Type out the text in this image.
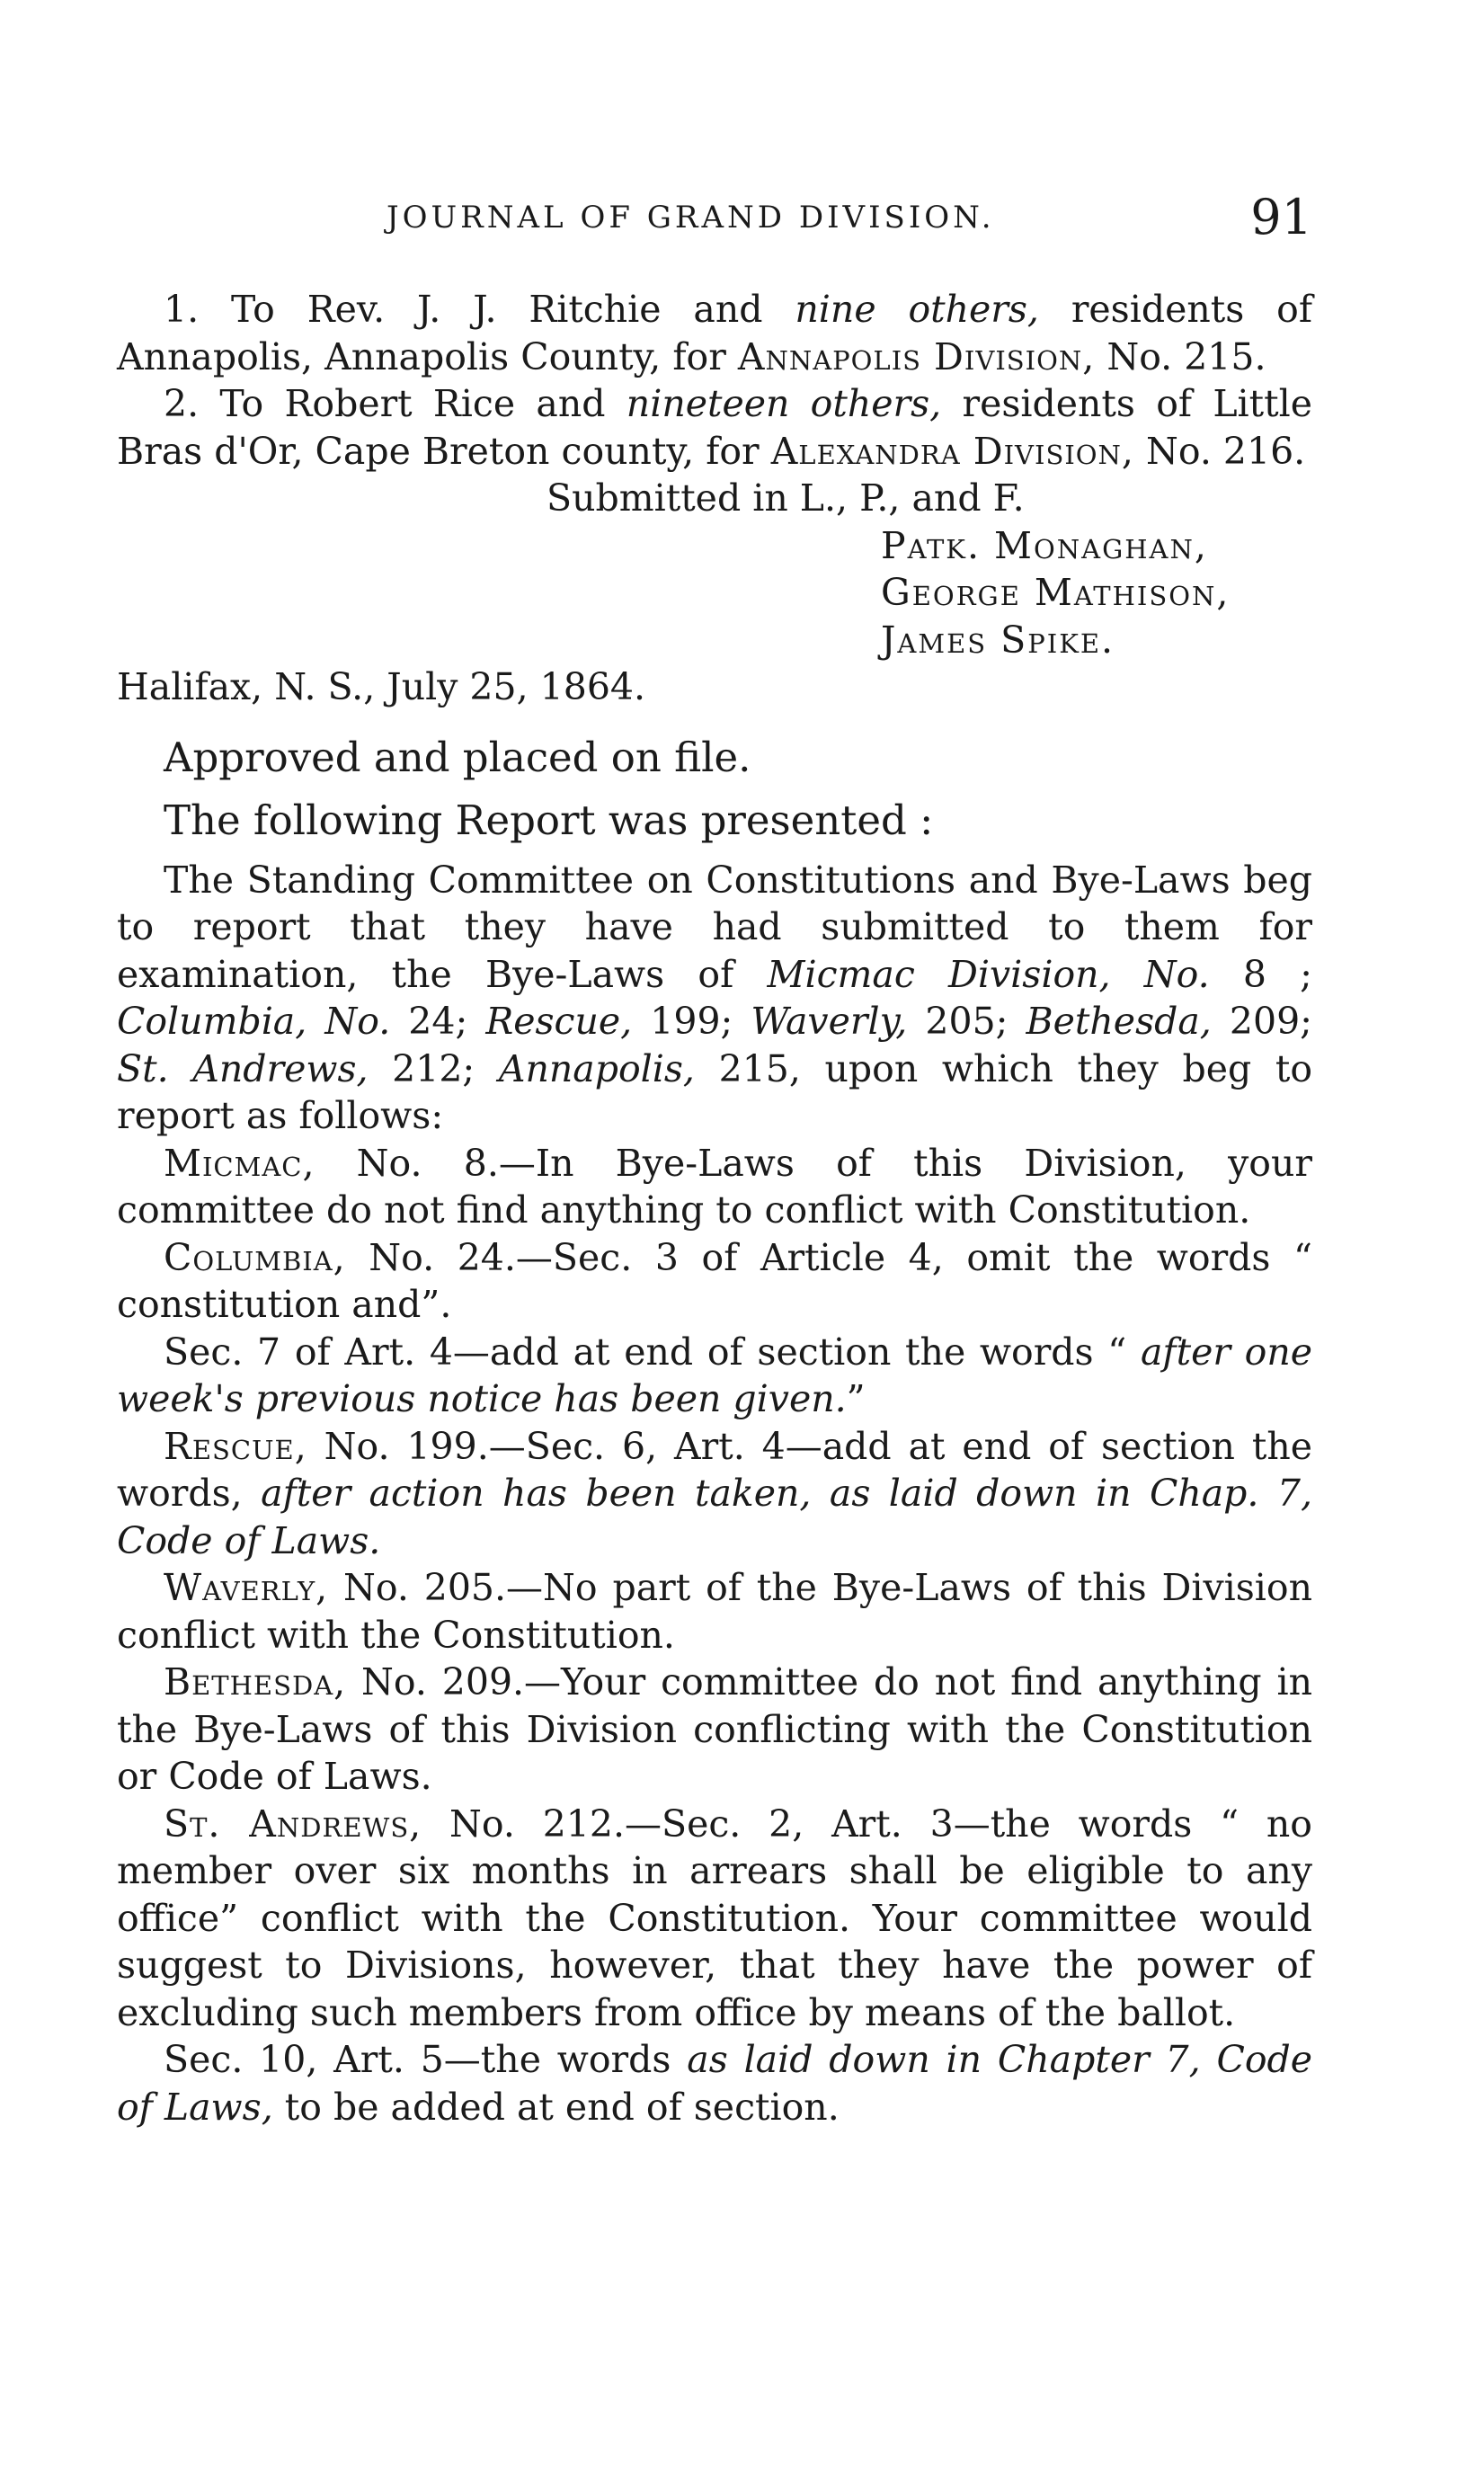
JOURNAL OF GRAND DIVISION.	91

1. To Rev. J. J. Ritchie and nine others, residents of Annapolis, Annapolis County, for Annapolis Division, No. 215.

2. To Robert Rice and nineteen others, residents of Little Bras d'Or, Cape Breton county, for Alexandra Division, No. 216.

Submitted in L., P., and F.
Patk. Monaghan,
George Mathison,
James Spike.
Halifax, N. S., July 25, 1864.

Approved and placed on file.

The following Report was presented :

The Standing Committee on Constitutions and Bye-Laws beg to report that they have had submitted to them for examination, the Bye-Laws of Micmac Division, No. 8 ; Columbia, No. 24; Rescue, 199; Waverly, 205; Bethesda, 209; St. Andrews, 212; Annapolis, 215, upon which they beg to report as follows:

Micmac, No. 8.—In Bye-Laws of this Division, your committee do not find anything to conflict with Constitution.

Columbia, No. 24.—Sec. 3 of Article 4, omit the words “ constitution and”.

Sec. 7 of Art. 4—add at end of section the words “ after one week's previous notice has been given.”

Rescue, No. 199.—Sec. 6, Art. 4—add at end of section the words, after action has been taken, as laid down in Chap. 7, Code of Laws.

Waverly, No. 205.—No part of the Bye-Laws of this Division conflict with the Constitution.

Bethesda, No. 209.—Your committee do not find anything in the Bye-Laws of this Division conflicting with the Constitution or Code of Laws.

St. Andrews, No. 212.—Sec. 2, Art. 3—the words “ no member over six months in arrears shall be eligible to any office” conflict with the Constitution. Your committee would suggest to Divisions, however, that they have the power of excluding such members from office by means of the ballot.

Sec. 10, Art. 5—the words as laid down in Chapter 7, Code of Laws, to be added at end of section.
